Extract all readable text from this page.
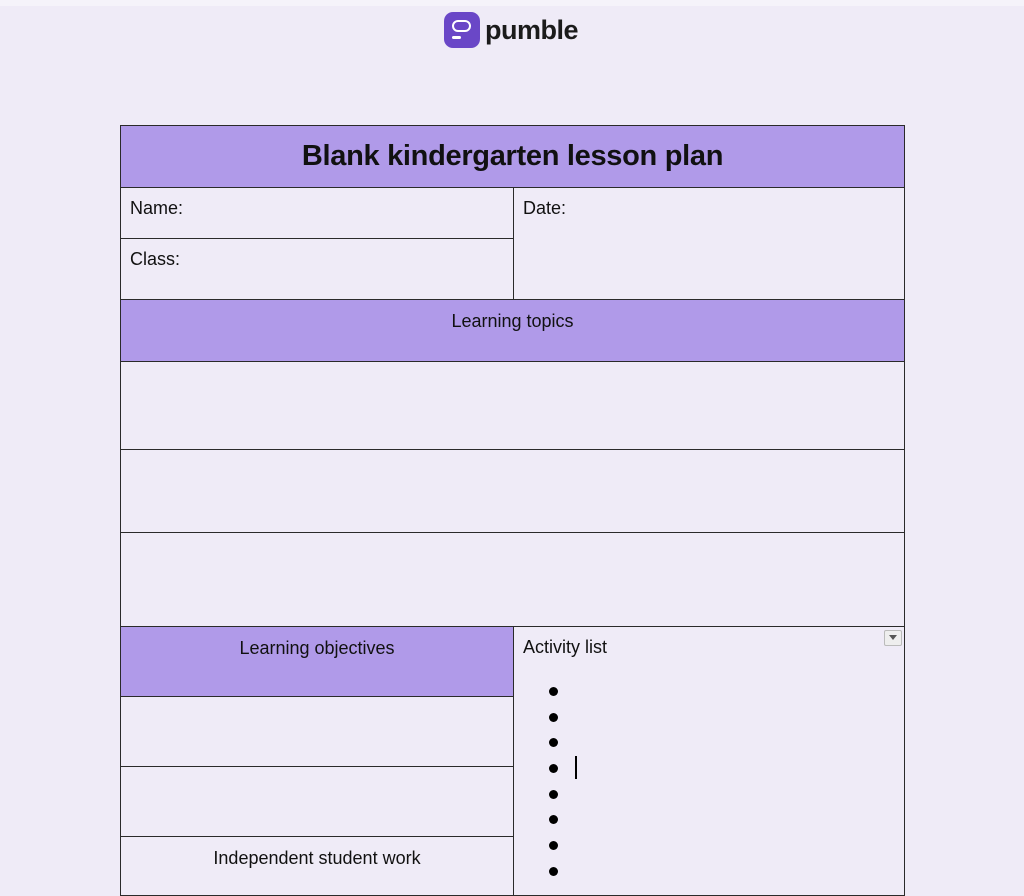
pumble
Blank kindergarten lesson plan
Name:	Date:
Class:
Learning topics
Learning objectives
Independent student work
Activity list
